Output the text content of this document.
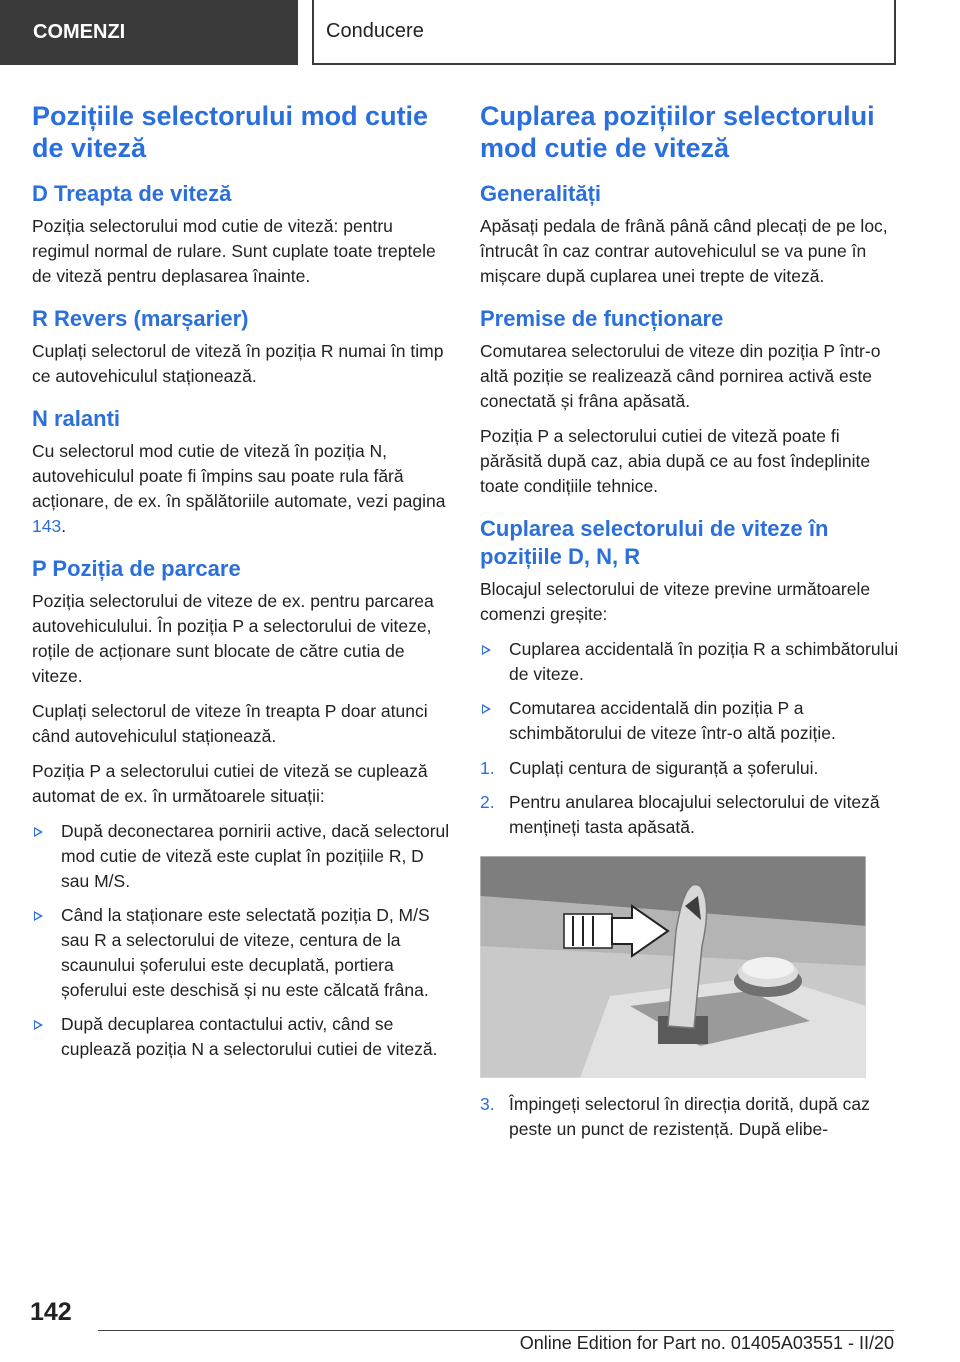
COMENZI	Conducere
Pozițiile selectorului mod cutie de viteză
D Treapta de viteză

Poziția selectorului mod cutie de viteză: pentru regimul normal de rulare. Sunt cuplate toate treptele de viteză pentru deplasarea înainte.

R Revers (marșarier)

Cuplați selectorul de viteză în poziția R numai în timp ce autovehiculul staționează.

N ralanti

Cu selectorul mod cutie de viteză în poziția N, autovehiculul poate fi împins sau poate rula fără acționare, de ex. în spălătoriile automate, vezi pagina 143.

P Poziția de parcare

Poziția selectorului de viteze de ex. pentru parcarea autovehiculului. În poziția P a selectorului de viteze, roțile de acționare sunt blocate de către cutia de viteze.

Cuplați selectorul de viteze în treapta P doar atunci când autovehiculul staționează.

Poziția P a selectorului cutiei de viteză se cuplează automat de ex. în următoarele situații:

După deconectarea pornirii active, dacă selectorul mod cutie de viteză este cuplat în pozițiile R, D sau M/S.
Când la staționare este selectată poziția D, M/S sau R a selectorului de viteze, centura de la scaunului șoferului este decuplată, portiera șoferului este deschisă și nu este călcată frâna.
După decuplarea contactului activ, când se cuplează poziția N a selectorului cutiei de viteză.
Cuplarea pozițiilor selectorului mod cutie de viteză
Generalități

Apăsați pedala de frână până când plecați de pe loc, întrucât în caz contrar autovehiculul se va pune în mișcare după cuplarea unei trepte de viteză.

Premise de funcționare

Comutarea selectorului de viteze din poziția P într-o altă poziție se realizează când pornirea activă este conectată și frâna apăsată.

Poziția P a selectorului cutiei de viteză poate fi părăsită după caz, abia după ce au fost îndeplinite toate condițiile tehnice.

Cuplarea selectorului de viteze în pozițiile D, N, R

Blocajul selectorului de viteze previne următoarele comenzi greșite:

Cuplarea accidentală în poziția R a schimbătorului de viteze.
Comutarea accidentală din poziția P a schimbătorului de viteze într-o altă poziție.
1. Cuplați centura de siguranță a șoferului.
2. Pentru anularea blocajului selectorului de viteză mențineți tasta apăsată.
3. Împingeți selectorul în direcția dorită, după caz peste un punct de rezistență. După elibe-
142
Online Edition for Part no. 01405A03551 - II/20
